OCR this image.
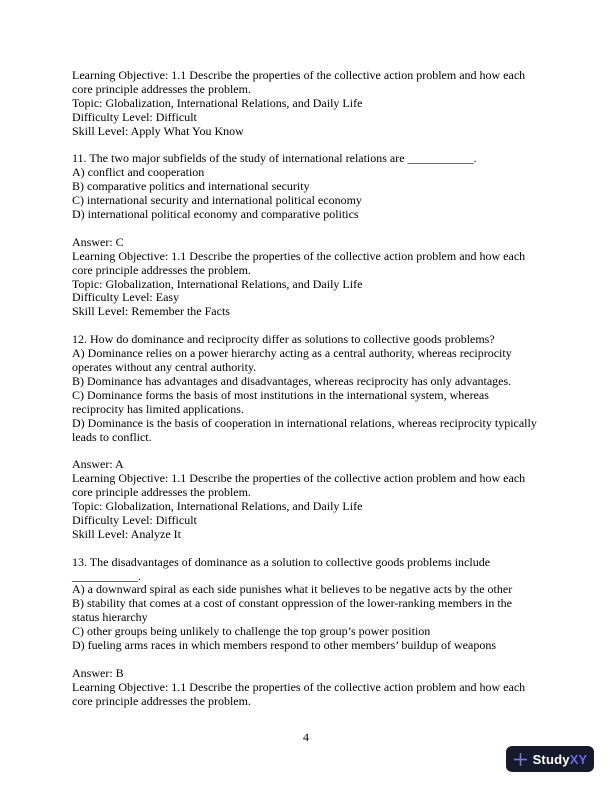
Learning Objective: 1.1 Describe the properties of the collective action problem and how each
core principle addresses the problem.
Topic: Globalization, International Relations, and Daily Life
Difficulty Level: Difficult
Skill Level: Apply What You Know
11. The two major subfields of the study of international relations are ___________.
A) conflict and cooperation
B) comparative politics and international security
C) international security and international political economy
D) international political economy and comparative politics
Answer: C
Learning Objective: 1.1 Describe the properties of the collective action problem and how each
core principle addresses the problem.
Topic: Globalization, International Relations, and Daily Life
Difficulty Level: Easy
Skill Level: Remember the Facts
12. How do dominance and reciprocity differ as solutions to collective goods problems?
A) Dominance relies on a power hierarchy acting as a central authority, whereas reciprocity
operates without any central authority.
B) Dominance has advantages and disadvantages, whereas reciprocity has only advantages.
C) Dominance forms the basis of most institutions in the international system, whereas
reciprocity has limited applications.
D) Dominance is the basis of cooperation in international relations, whereas reciprocity typically
leads to conflict.
Answer: A
Learning Objective: 1.1 Describe the properties of the collective action problem and how each
core principle addresses the problem.
Topic: Globalization, International Relations, and Daily Life
Difficulty Level: Difficult
Skill Level: Analyze It
13. The disadvantages of dominance as a solution to collective goods problems include
___________.
A) a downward spiral as each side punishes what it believes to be negative acts by the other
B) stability that comes at a cost of constant oppression of the lower-ranking members in the
status hierarchy
C) other groups being unlikely to challenge the top group’s power position
D) fueling arms races in which members respond to other members’ buildup of weapons
Answer: B
Learning Objective: 1.1 Describe the properties of the collective action problem and how each
core principle addresses the problem.
4
StudyXY
